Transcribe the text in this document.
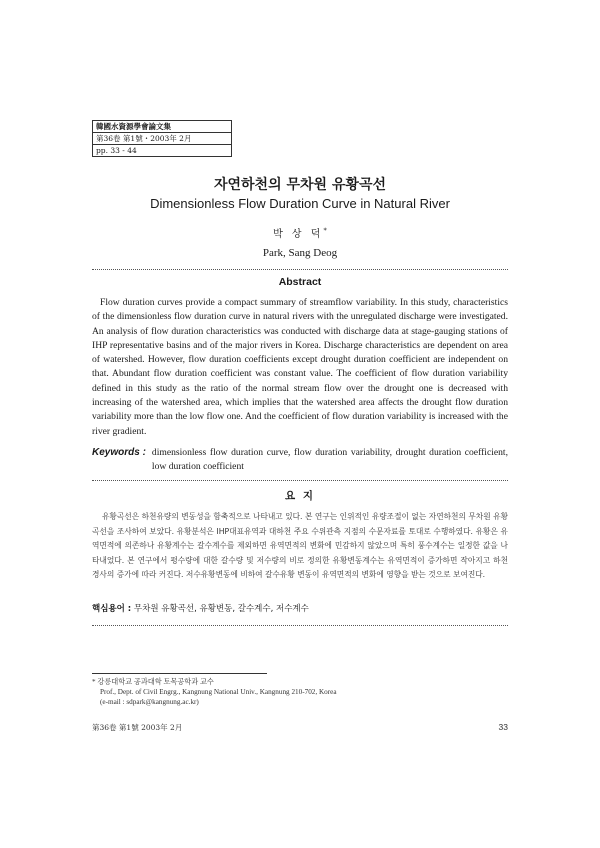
韓國水資源學會論文集
第36卷 第1號・2003年 2月
pp. 33 - 44
자연하천의 무차원 유황곡선
Dimensionless Flow Duration Curve in Natural River
박 상 덕*
Park, Sang Deog
Abstract

Flow duration curves provide a compact summary of streamflow variability. In this study, characteristics of the dimensionless flow duration curve in natural rivers with the unregulated discharge were investigated. An analysis of flow duration characteristics was conducted with discharge data at stage-gauging stations of IHP representative basins and of the major rivers in Korea. Discharge characteristics are dependent on area of watershed. However, flow duration coefficients except drought duration coefficient are independent on that. Abundant flow duration coefficient was constant value. The coefficient of flow duration variability defined in this study as the ratio of the normal stream flow over the drought one is decreased with increasing of the watershed area, which implies that the watershed area affects the drought flow duration variability more than the low flow one. And the coefficient of flow duration variability is increased with the river gradient.

Keywords : dimensionless flow duration curve, flow duration variability, drought duration coefficient, low duration coefficient
요 지

유황곡선은 하천유량의 변동성을 함축적으로 나타내고 있다. 본 연구는 인위적인 유량조절이 없는 자연하천의 무차원 유황곡선을 조사하여 보았다. 유황분석은 IHP대표유역과 대하천 주요 수위관측 지점의 수문자료를 토대로 수행하였다. 유황은 유역면적에 의존하나 유황계수는 갈수계수를 제외하면 유역면적의 변화에 민감하지 않았으며 특히 풍수계수는 일정한 값을 나타내었다. 본 연구에서 평수량에 대한 갈수량 및 저수량의 비로 정의한 유황변동계수는 유역면적이 증가하면 작아지고 하천 경사의 증가에 따라 커진다. 저수유황변동에 비하여 갈수유황 변동이 유역면적의 변화에 영향을 받는 것으로 보여진다.

핵심용어 : 무차원 유황곡선, 유황변동, 갈수계수, 저수계수
* 강릉대학교 공과대학 토목공학과 교수
Prof., Dept. of Civil Engrg., Kangnung National Univ., Kangnung 210-702, Korea
(e-mail : sdpark@kangnung.ac.kr)
第36卷 第1號 2003年 2月	33
